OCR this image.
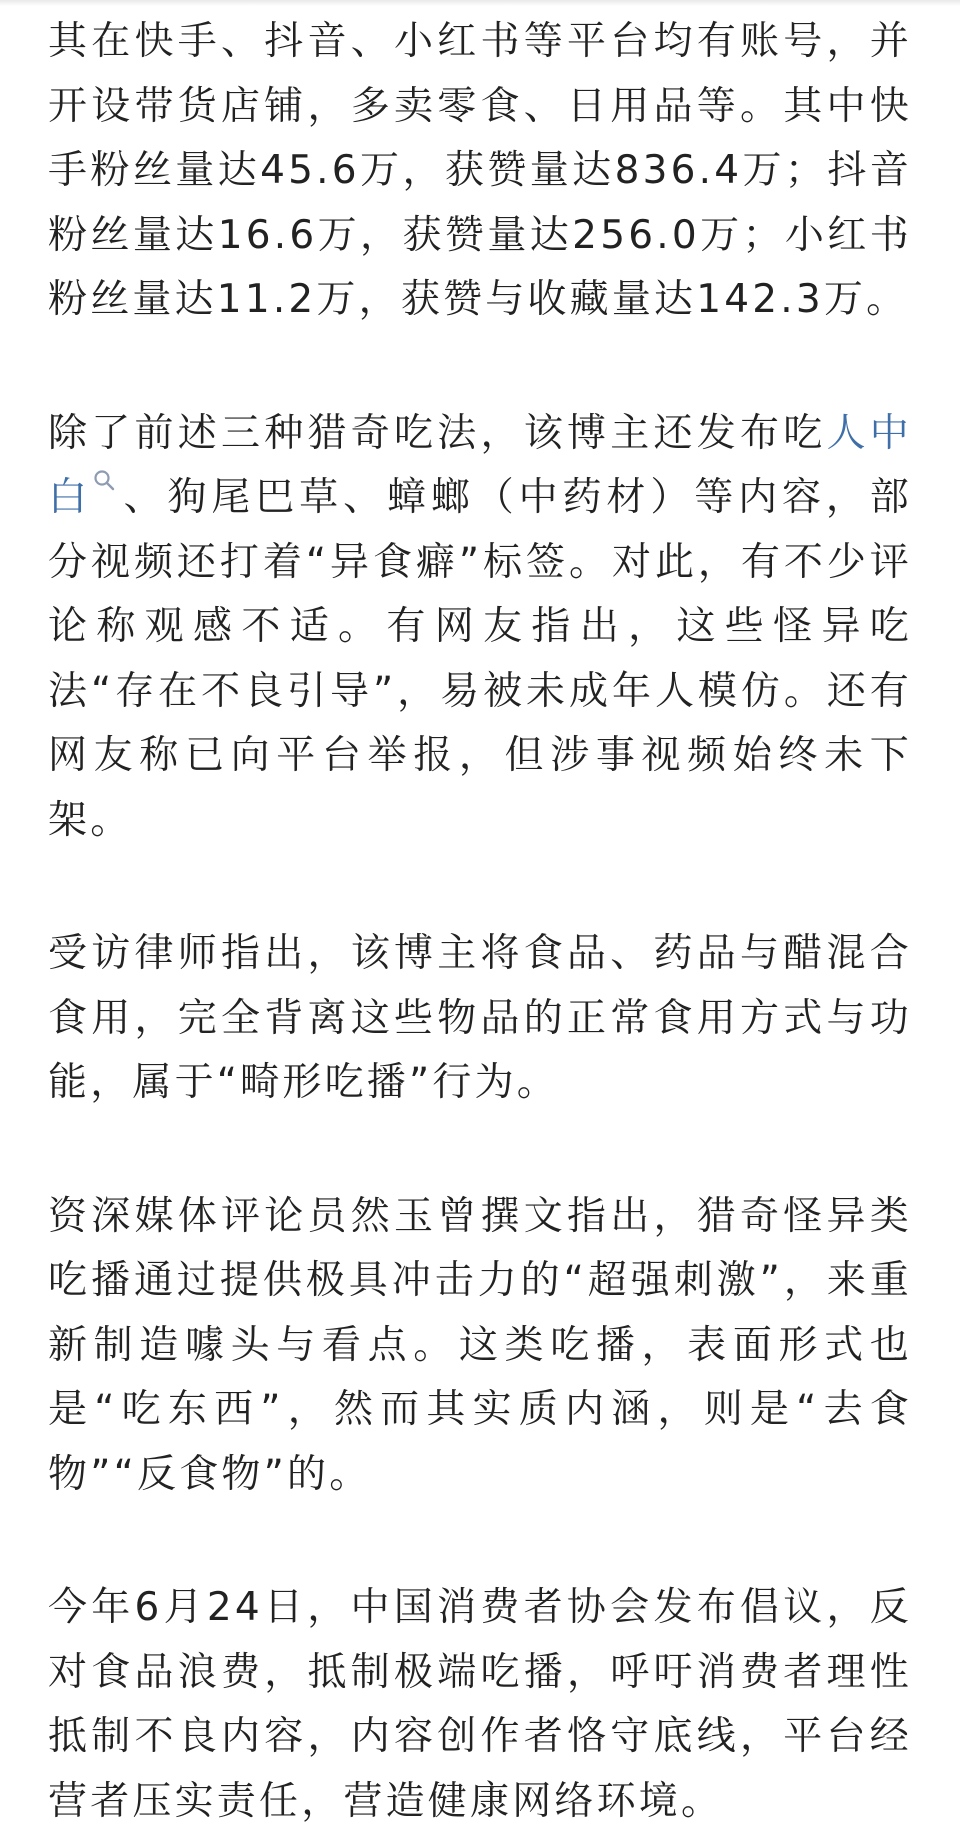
其在快手、抖音、小红书等平台均有账号，并开设带货店铺，多卖零食、日用品等。其中快手粉丝量达45.6万，获赞量达836.4万；抖音粉丝量达16.6万，获赞量达256.0万；小红书粉丝量达11.2万，获赞与收藏量达142.3万。

除了前述三种猎奇吃法，该博主还发布吃人中白 、狗尾巴草、蟑螂（中药材）等内容，部分视频还打着“异食癖”标签。对此，有不少评论称观感不适。有网友指出，这些怪异吃法“存在不良引导”，易被未成年人模仿。还有网友称已向平台举报，但涉事视频始终未下架。

受访律师指出，该博主将食品、药品与醋混合食用，完全背离这些物品的正常食用方式与功能，属于“畸形吃播”行为。

资深媒体评论员然玉曾撰文指出，猎奇怪异类吃播通过提供极具冲击力的“超强刺激”，来重新制造噱头与看点。这类吃播，表面形式也是“吃东西”，然而其实质内涵，则是“去食物”“反食物”的。

今年6月24日，中国消费者协会发布倡议，反对食品浪费，抵制极端吃播，呼吁消费者理性抵制不良内容，内容创作者恪守底线，平台经营者压实责任，营造健康网络环境。
